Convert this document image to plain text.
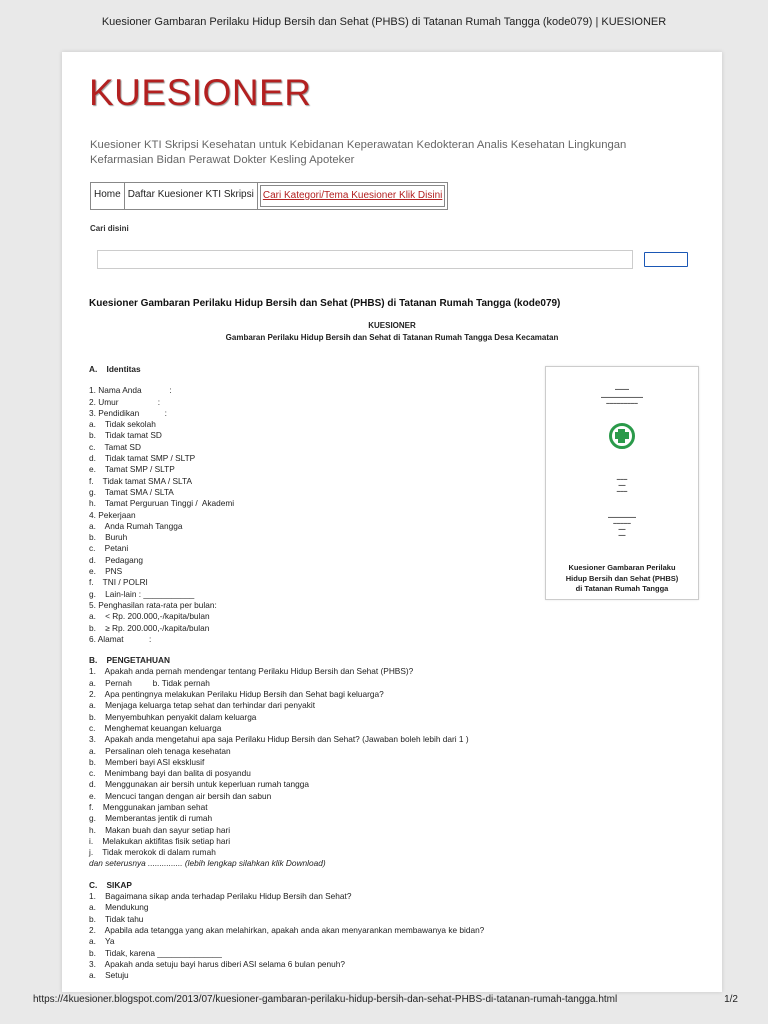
Kuesioner Gambaran Perilaku Hidup Bersih dan Sehat (PHBS) di Tatanan Rumah Tangga (kode079) | KUESIONER
KUESIONER
Kuesioner KTI Skripsi Kesehatan untuk Kebidanan Keperawatan Kedokteran Analis Kesehatan Lingkungan Kefarmasian Bidan Perawat Dokter Kesling Apoteker
Home Daftar Kuesioner KTI Skripsi Cari Kategori/Tema Kuesioner Klik Disini
Cari disini
Kuesioner Gambaran Perilaku Hidup Bersih dan Sehat (PHBS) di Tatanan Rumah Tangga (kode079)
KUESIONER
Gambaran Perilaku Hidup Bersih dan Sehat di Tatanan Rumah Tangga Desa Kecamatan
A.    Identitas
1. Nama Anda            :
2. Umur                 :
3. Pendidikan           :
a.    Tidak sekolah
b.    Tidak tamat SD
c.    Tamat SD
d.    Tidak tamat SMP / SLTP
e.    Tamat SMP / SLTP
f.    Tidak tamat SMA / SLTA
g.    Tamat SMA / SLTA
h.    Tamat Perguruan Tinggi /  Akademi
4. Pekerjaan
a.    Anda Rumah Tangga
b.    Buruh
c.    Petani
d.    Pedagang
e.    PNS
f.    TNI / POLRI
g.    Lain-lain : ___________
5. Penghasilan rata-rata per bulan:
a.    < Rp. 200.000,-/kapita/bulan
b.    ≥ Rp. 200.000,-/kapita/bulan
6. Alamat           :
B.    PENGETAHUAN
1.    Apakah anda pernah mendengar tentang Perilaku Hidup Bersih dan Sehat (PHBS)?
a.    Pernah         b. Tidak pernah
2.    Apa pentingnya melakukan Perilaku Hidup Bersih dan Sehat bagi keluarga?
a.    Menjaga keluarga tetap sehat dan terhindar dari penyakit
b.    Menyembuhkan penyakit dalam keluarga
c.    Menghemat keuangan keluarga
3.    Apakah anda mengetahui apa saja Perilaku Hidup Bersih dan Sehat? (Jawaban boleh lebih dari 1 )
a.    Persalinan oleh tenaga kesehatan
b.    Memberi bayi ASI eksklusif
c.    Menimbang bayi dan balita di posyandu
d.    Menggunakan air bersih untuk keperluan rumah tangga
e.    Mencuci tangan dengan air bersih dan sabun
f.    Menggunakan jamban sehat
g.    Memberantas jentik di rumah
h.    Makan buah dan sayur setiap hari
i.    Melakukan aktifitas fisik setiap hari
j.    Tidak merokok di dalam rumah
dan seterusnya ............... (lebih lengkap silahkan klik Download)
C.    SIKAP
1.    Bagaimana sikap anda terhadap Perilaku Hidup Bersih dan Sehat?
a.    Mendukung
b.    Tidak tahu
2.    Apabila ada tetangga yang akan melahirkan, apakah anda akan menyarankan membawanya ke bidan?
a.    Ya
b.    Tidak, karena ______________
3.    Apakah anda setuju bayi harus diberi ASI selama 6 bulan penuh?
a.    Setuju
▬▬▬▬
▬▬▬▬▬▬▬▬▬▬▬▬
▬▬▬▬▬▬▬▬▬
▬▬▬
▬▬
▬▬▬
▬▬▬▬▬▬▬▬
▬▬▬▬▬
▬▬
▬▬
Kuesioner Gambaran Perilaku
Hidup Bersih dan Sehat (PHBS)
di Tatanan Rumah Tangga
https://4kuesioner.blogspot.com/2013/07/kuesioner-gambaran-perilaku-hidup-bersih-dan-sehat-PHBS-di-tatanan-rumah-tangga.html	1/2
